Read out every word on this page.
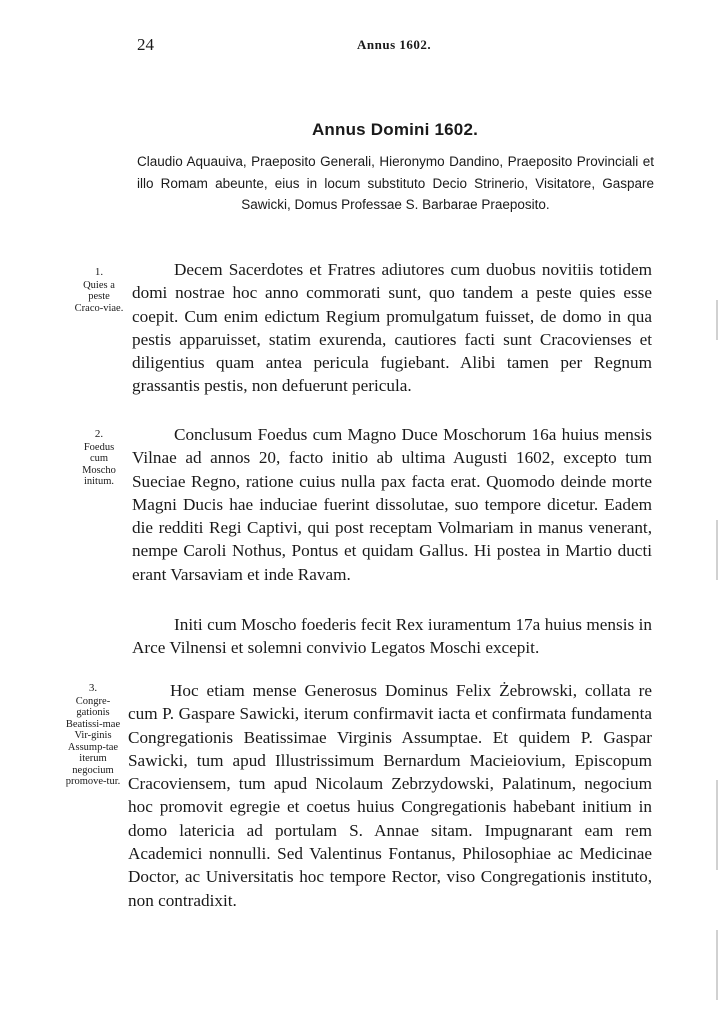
24	Annus 1602.
Annus Domini 1602.
Claudio Aquauiva, Praeposito Generali, Hieronymo Dandino, Praeposito Provinciali et illo Romam abeunte, eius in locum substituto Decio Strinerio, Visitatore, Gaspare Sawicki, Domus Professae S. Barbarae Praeposito.
1.
Quies a peste Craco-viae.
Decem Sacerdotes et Fratres adiutores cum duobus novitiis totidem domi nostrae hoc anno commorati sunt, quo tandem a peste quies esse coepit. Cum enim edictum Regium promulgatum fuisset, de domo in qua pestis apparuisset, statim exurenda, cautiores facti sunt Cracovienses et diligentius quam antea pericula fugiebant. Alibi tamen per Regnum grassantis pestis, non defuerunt pericula.
2.
Foedus cum Moscho initum.
Conclusum Foedus cum Magno Duce Moschorum 16a huius mensis Vilnae ad annos 20, facto initio ab ultima Augusti 1602, excepto tum Sueciae Regno, ratione cuius nulla pax facta erat. Quomodo deinde morte Magni Ducis hae induciae fuerint dissolutae, suo tempore dicetur. Eadem die redditi Regi Captivi, qui post receptam Volmariam in manus venerant, nempe Caroli Nothus, Pontus et quidam Gallus. Hi postea in Martio ducti erant Varsaviam et inde Ravam.
Initi cum Moscho foederis fecit Rex iuramentum 17a huius mensis in Arce Vilnensi et solemni convivio Legatos Moschi excepit.
3.
Congre-gationis Beatissi-mae Vir-ginis Assump-tae iterum negocium promove-tur.
Hoc etiam mense Generosus Dominus Felix Żebrowski, collata re cum P. Gaspare Sawicki, iterum confirmavit iacta et confirmata fundamenta Congregationis Beatissimae Virginis Assumptae. Et quidem P. Gaspar Sawicki, tum apud Illustrissimum Bernardum Macieiovium, Episcopum Cracoviensem, tum apud Nicolaum Zebrzydowski, Palatinum, negocium hoc promovit egregie et coetus huius Congregationis habebant initium in domo latericia ad portulam S. Annae sitam. Impugnarant eam rem Academici nonnulli. Sed Valentinus Fontanus, Philosophiae ac Medicinae Doctor, ac Universitatis hoc tempore Rector, viso Congregationis instituto, non contradixit.
